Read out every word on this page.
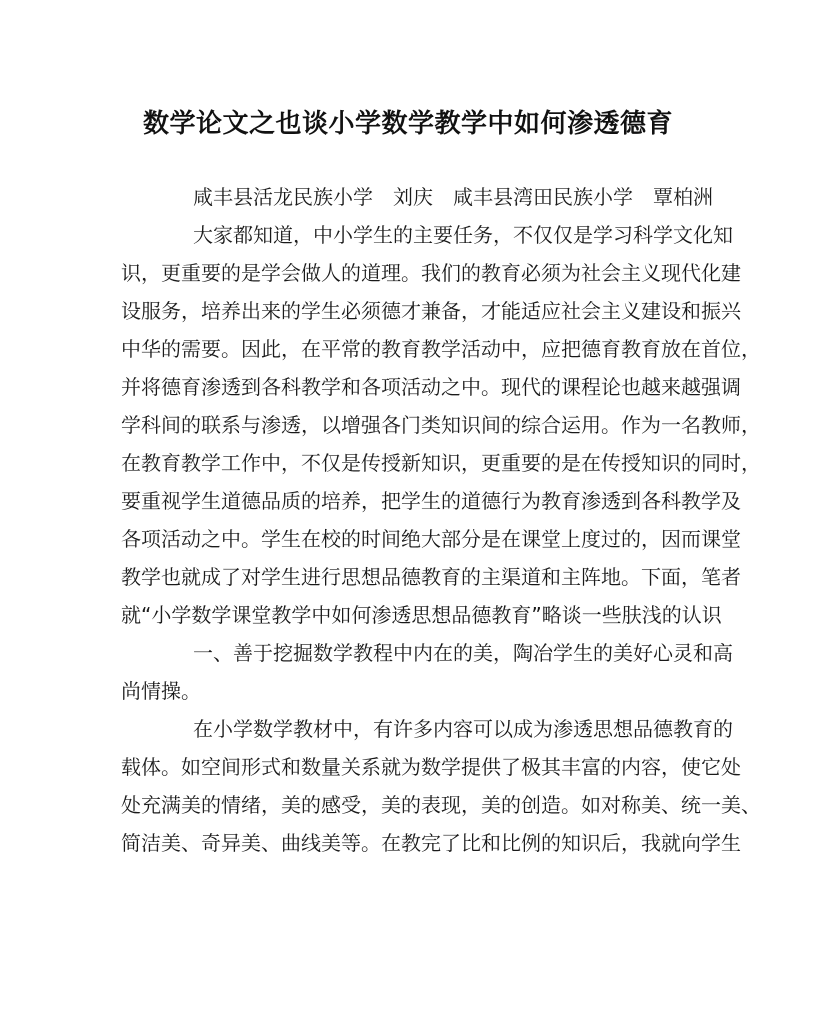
数学论文之也谈小学数学教学中如何渗透德育
咸丰县活龙民族小学　刘庆　咸丰县湾田民族小学　覃柏洲
大家都知道，中小学生的主要任务，不仅仅是学习科学文化知
识，更重要的是学会做人的道理。我们的教育必须为社会主义现代化建
设服务，培养出来的学生必须德才兼备，才能适应社会主义建设和振兴
中华的需要。因此，在平常的教育教学活动中，应把德育教育放在首位，
并将德育渗透到各科教学和各项活动之中。现代的课程论也越来越强调
学科间的联系与渗透，以增强各门类知识间的综合运用。作为一名教师，
在教育教学工作中，不仅是传授新知识，更重要的是在传授知识的同时，
要重视学生道德品质的培养，把学生的道德行为教育渗透到各科教学及
各项活动之中。学生在校的时间绝大部分是在课堂上度过的，因而课堂
教学也就成了对学生进行思想品德教育的主渠道和主阵地。下面，笔者
就“小学数学课堂教学中如何渗透思想品德教育”略谈一些肤浅的认识
一、善于挖掘数学教程中内在的美，陶冶学生的美好心灵和高
尚情操。
在小学数学教材中，有许多内容可以成为渗透思想品德教育的
载体。如空间形式和数量关系就为数学提供了极其丰富的内容，使它处
处充满美的情绪，美的感受，美的表现，美的创造。如对称美、统一美、
简洁美、奇异美、曲线美等。在教完了比和比例的知识后，我就向学生
